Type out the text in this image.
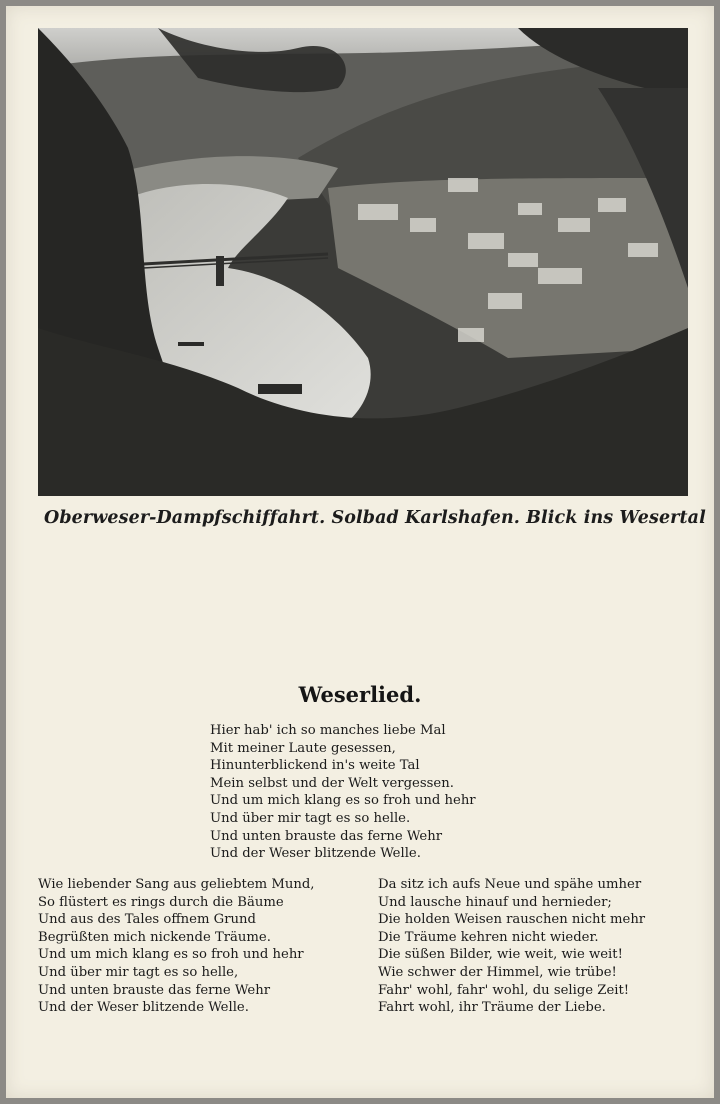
Oberweser-Dampfschiffahrt. Solbad Karlshafen. Blick ins Wesertal
Weserlied.
Hier hab' ich so manches liebe Mal
Mit meiner Laute gesessen,
Hinunterblickend in's weite Tal
Mein selbst und der Welt vergessen.
Und um mich klang es so froh und hehr
Und über mir tagt es so helle.
Und unten brauste das ferne Wehr
Und der Weser blitzende Welle.
Wie liebender Sang aus geliebtem Mund,
So flüstert es rings durch die Bäume
Und aus des Tales offnem Grund
Begrüßten mich nickende Träume.
Und um mich klang es so froh und hehr
Und über mir tagt es so helle,
Und unten brauste das ferne Wehr
Und der Weser blitzende Welle.
Da sitz ich aufs Neue und spähe umher
Und lausche hinauf und hernieder;
Die holden Weisen rauschen nicht mehr
Die Träume kehren nicht wieder.
Die süßen Bilder, wie weit, wie weit!
Wie schwer der Himmel, wie trübe!
Fahr' wohl, fahr' wohl, du selige Zeit!
Fahrt wohl, ihr Träume der Liebe.
